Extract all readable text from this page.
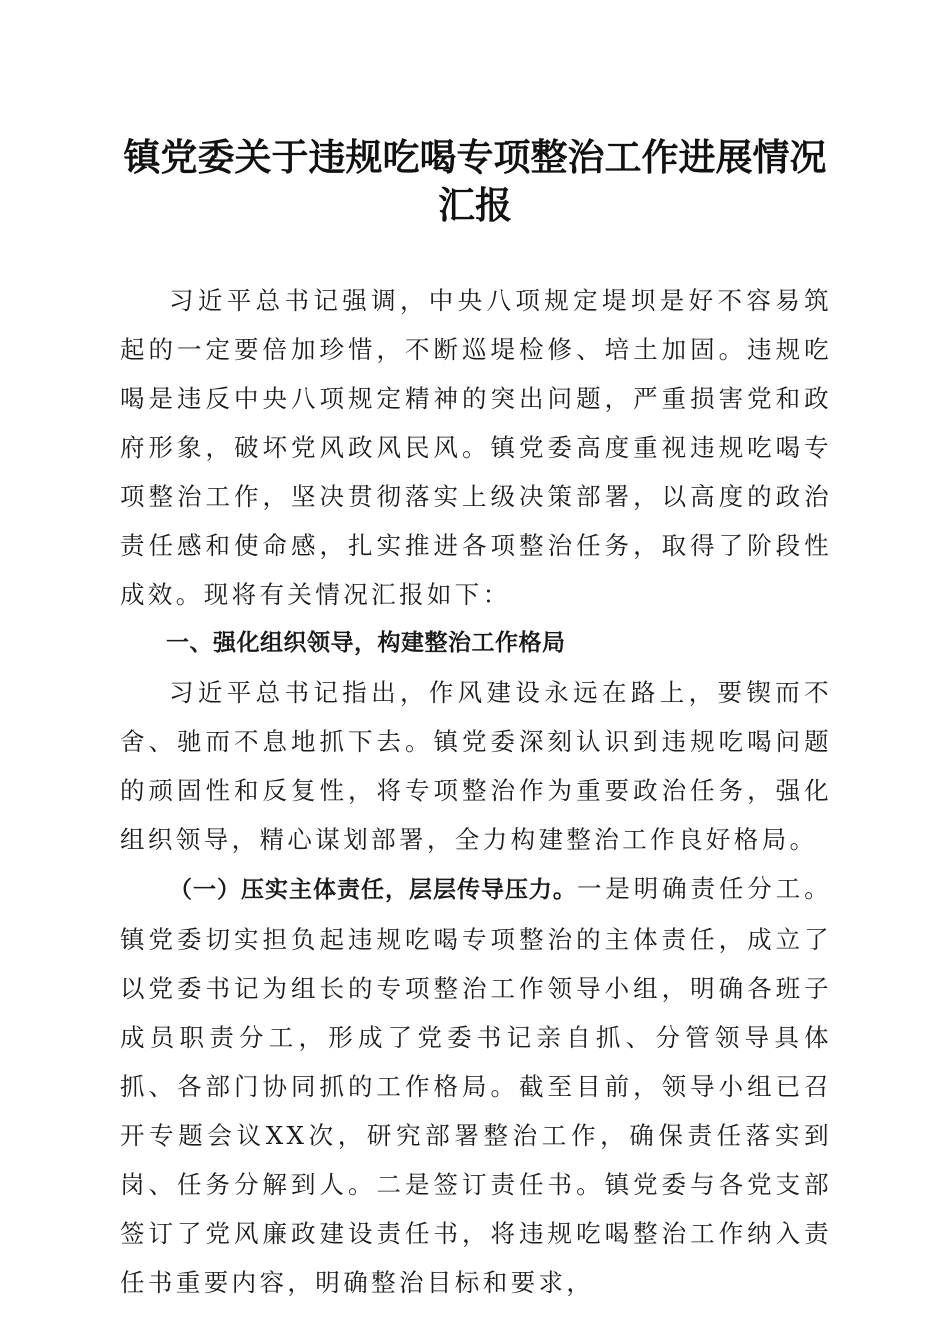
镇党委关于违规吃喝专项整治工作进展情况汇报

习近平总书记强调，中央八项规定堤坝是好不容易筑起的一定要倍加珍惜，不断巡堤检修、培土加固。违规吃喝是违反中央八项规定精神的突出问题，严重损害党和政府形象，破坏党风政风民风。镇党委高度重视违规吃喝专项整治工作，坚决贯彻落实上级决策部署，以高度的政治责任感和使命感，扎实推进各项整治任务，取得了阶段性成效。现将有关情况汇报如下：

一、强化组织领导，构建整治工作格局

习近平总书记指出，作风建设永远在路上，要锲而不舍、驰而不息地抓下去。镇党委深刻认识到违规吃喝问题的顽固性和反复性，将专项整治作为重要政治任务，强化组织领导，精心谋划部署，全力构建整治工作良好格局。

（一）压实主体责任，层层传导压力。一是明确责任分工。镇党委切实担负起违规吃喝专项整治的主体责任，成立了以党委书记为组长的专项整治工作领导小组，明确各班子成员职责分工，形成了党委书记亲自抓、分管领导具体抓、各部门协同抓的工作格局。截至目前，领导小组已召开专题会议XX次，研究部署整治工作，确保责任落实到岗、任务分解到人。二是签订责任书。镇党委与各党支部签订了党风廉政建设责任书，将违规吃喝整治工作纳入责任书重要内容，明确整治目标和要求，
